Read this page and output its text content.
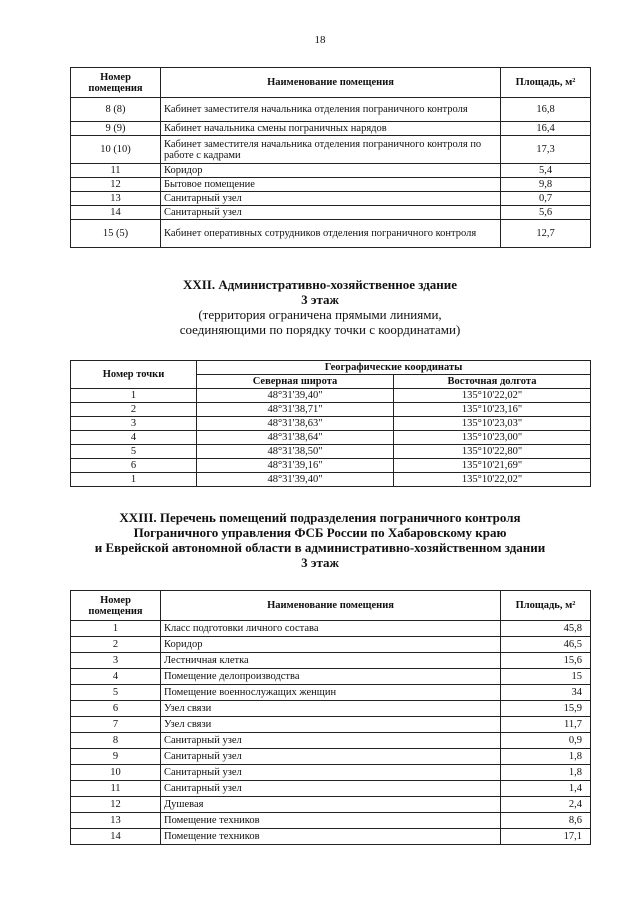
18
Номер помещения	Наименование помещения	Площадь, м²
8 (8)	Кабинет заместителя начальника отделения пограничного контроля	16,8
9 (9)	Кабинет начальника смены пограничных нарядов	16,4
10 (10)	Кабинет заместителя начальника отделения пограничного контроля по работе с кадрами	17,3
11	Коридор	5,4
12	Бытовое помещение	9,8
13	Санитарный узел	0,7
14	Санитарный узел	5,6
15 (5)	Кабинет оперативных сотрудников отделения пограничного контроля	12,7
XXII. Административно-хозяйственное здание
3 этаж
(территория ограничена прямыми линиями,
соединяющими по порядку точки с координатами)
Номер точки	Географические координаты	
	Северная широта	Восточная долгота
1	48°31'39,40"	135°10'22,02"
2	48°31'38,71"	135°10'23,16"
3	48°31'38,63"	135°10'23,03"
4	48°31'38,64"	135°10'23,00"
5	48°31'38,50"	135°10'22,80"
6	48°31'39,16"	135°10'21,69"
1	48°31'39,40"	135°10'22,02"
XXIII. Перечень помещений подразделения пограничного контроля
Пограничного управления ФСБ России по Хабаровскому краю
и Еврейской автономной области в административно-хозяйственном здании
3 этаж
Номер помещения	Наименование помещения	Площадь, м²
1	Класс подготовки личного состава	45,8
2	Коридор	46,5
3	Лестничная клетка	15,6
4	Помещение делопроизводства	15
5	Помещение военнослужащих женщин	34
6	Узел связи	15,9
7	Узел связи	11,7
8	Санитарный узел	0,9
9	Санитарный узел	1,8
10	Санитарный узел	1,8
11	Санитарный узел	1,4
12	Душевая	2,4
13	Помещение техников	8,6
14	Помещение техников	17,1
